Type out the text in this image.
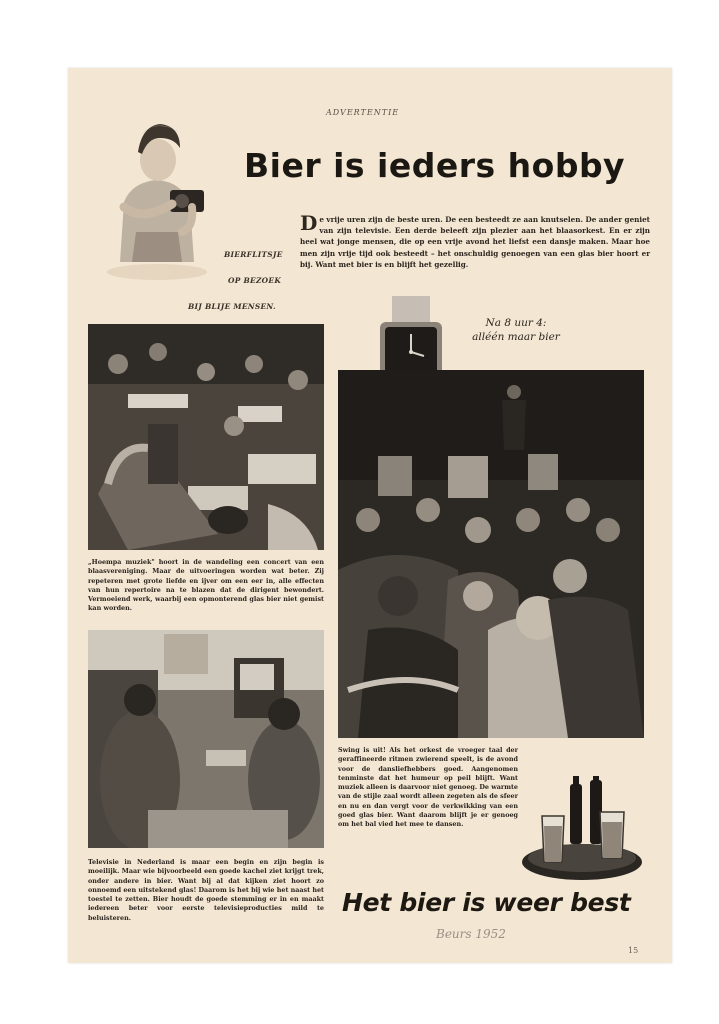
ADVERTENTIE
Bier is ieders hobby
De vrije uren zijn de beste uren. De een besteedt ze aan knutselen. De ander geniet van zijn televisie. Een derde beleeft zijn plezier aan het blaasorkest. En er zijn heel wat jonge mensen, die op een vrije avond het liefst een dansje maken. Maar hoe men zijn vrije tijd ook besteedt – het onschuldig genoegen van een glas bier hoort er bij. Want met bier is en blijft het gezellig.
BIERFLITSJE
OP BEZOEK
BIJ BLIJE MENSEN.
Na 8 uur 4:
alléén maar bier
„Hoempa muziek" hoort in de wandeling een concert van een blaasvereniging. Maar de uitvoeringen worden wat beter. Zij repeteren met grote liefde en ijver om een eer in, alle effecten van hun repertoire na te blazen dat de dirigent bewondert. Vermoeiend werk, waarbij een opmonterend glas bier niet gemist kan worden.
Televisie in Nederland is maar een begin en zijn begin is moeilijk. Maar wie bijvoorbeeld een goede kachel ziet krijgt trek, onder andere in bier. Want bij al dat kijken ziet hoort zo onnoemd een uitstekend glas! Daarom is het bij wie het naast het toestel te zetten. Bier houdt de goede stemming er in en maakt iedereen beter voor eerste televisieproducties mild te beluisteren.
Swing is uit! Als het orkest de vroeger taal der geraffineerde ritmen zwierend speelt, is de avond voor de dansliefhebbers goed. Aangenomen tenminste dat het humeur op peil blijft. Want muziek alleen is daarvoor niet genoeg. De warmte van de stijle zaal wordt alleen zegeten als de sfeer en nu en dan vergt voor de verkwikking van een goed glas bier. Want daarom blijft je er genoeg om het bal vied het mee te dansen.
Het bier is weer best
Beurs 1952
15
